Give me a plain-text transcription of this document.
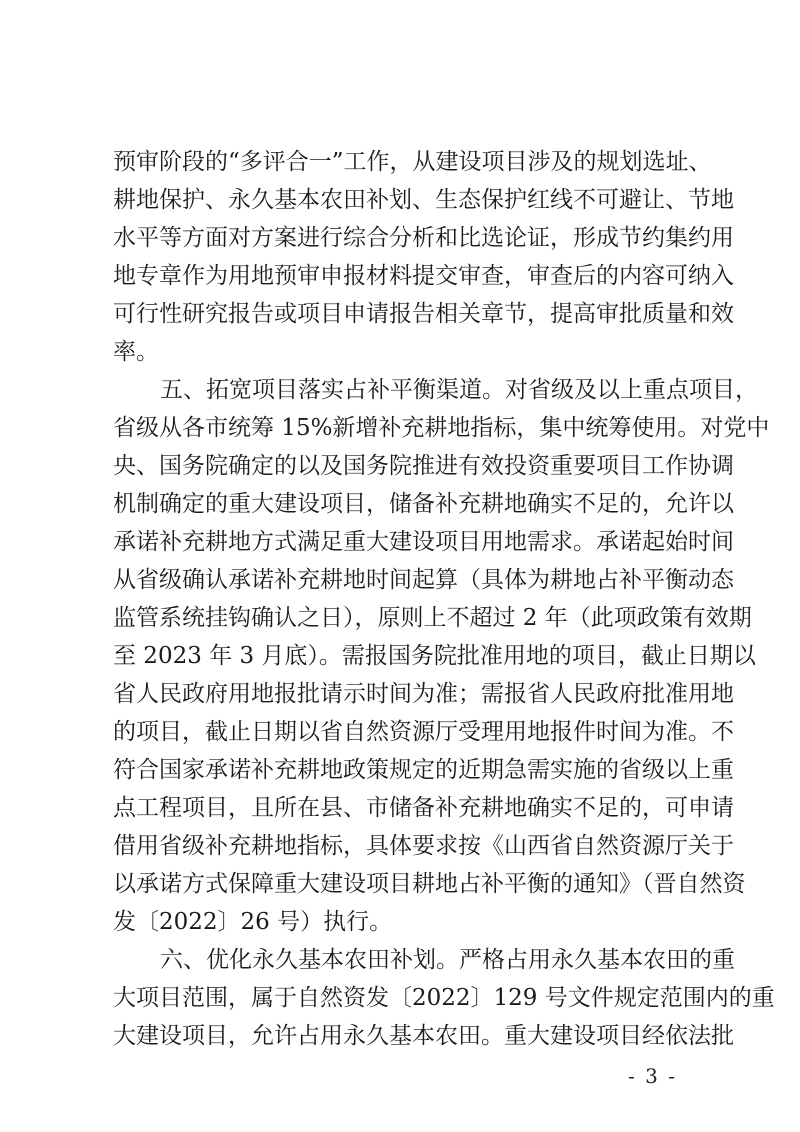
预审阶段的“多评合一”工作，从建设项目涉及的规划选址、
耕地保护、永久基本农田补划、生态保护红线不可避让、节地
水平等方面对方案进行综合分析和比选论证，形成节约集约用
地专章作为用地预审申报材料提交审查，审查后的内容可纳入
可行性研究报告或项目申请报告相关章节，提高审批质量和效
率。
五、拓宽项目落实占补平衡渠道。对省级及以上重点项目，
省级从各市统筹 15%新增补充耕地指标，集中统筹使用。对党中
央、国务院确定的以及国务院推进有效投资重要项目工作协调
机制确定的重大建设项目，储备补充耕地确实不足的，允许以
承诺补充耕地方式满足重大建设项目用地需求。承诺起始时间
从省级确认承诺补充耕地时间起算（具体为耕地占补平衡动态
监管系统挂钩确认之日），原则上不超过 2 年（此项政策有效期
至 2023 年 3 月底）。需报国务院批准用地的项目，截止日期以
省人民政府用地报批请示时间为准；需报省人民政府批准用地
的项目，截止日期以省自然资源厅受理用地报件时间为准。不
符合国家承诺补充耕地政策规定的近期急需实施的省级以上重
点工程项目，且所在县、市储备补充耕地确实不足的，可申请
借用省级补充耕地指标，具体要求按《山西省自然资源厅关于
以承诺方式保障重大建设项目耕地占补平衡的通知》（晋自然资
发〔2022〕26 号）执行。
六、优化永久基本农田补划。严格占用永久基本农田的重
大项目范围，属于自然资发〔2022〕129 号文件规定范围内的重
大建设项目，允许占用永久基本农田。重大建设项目经依法批
- 3 -
